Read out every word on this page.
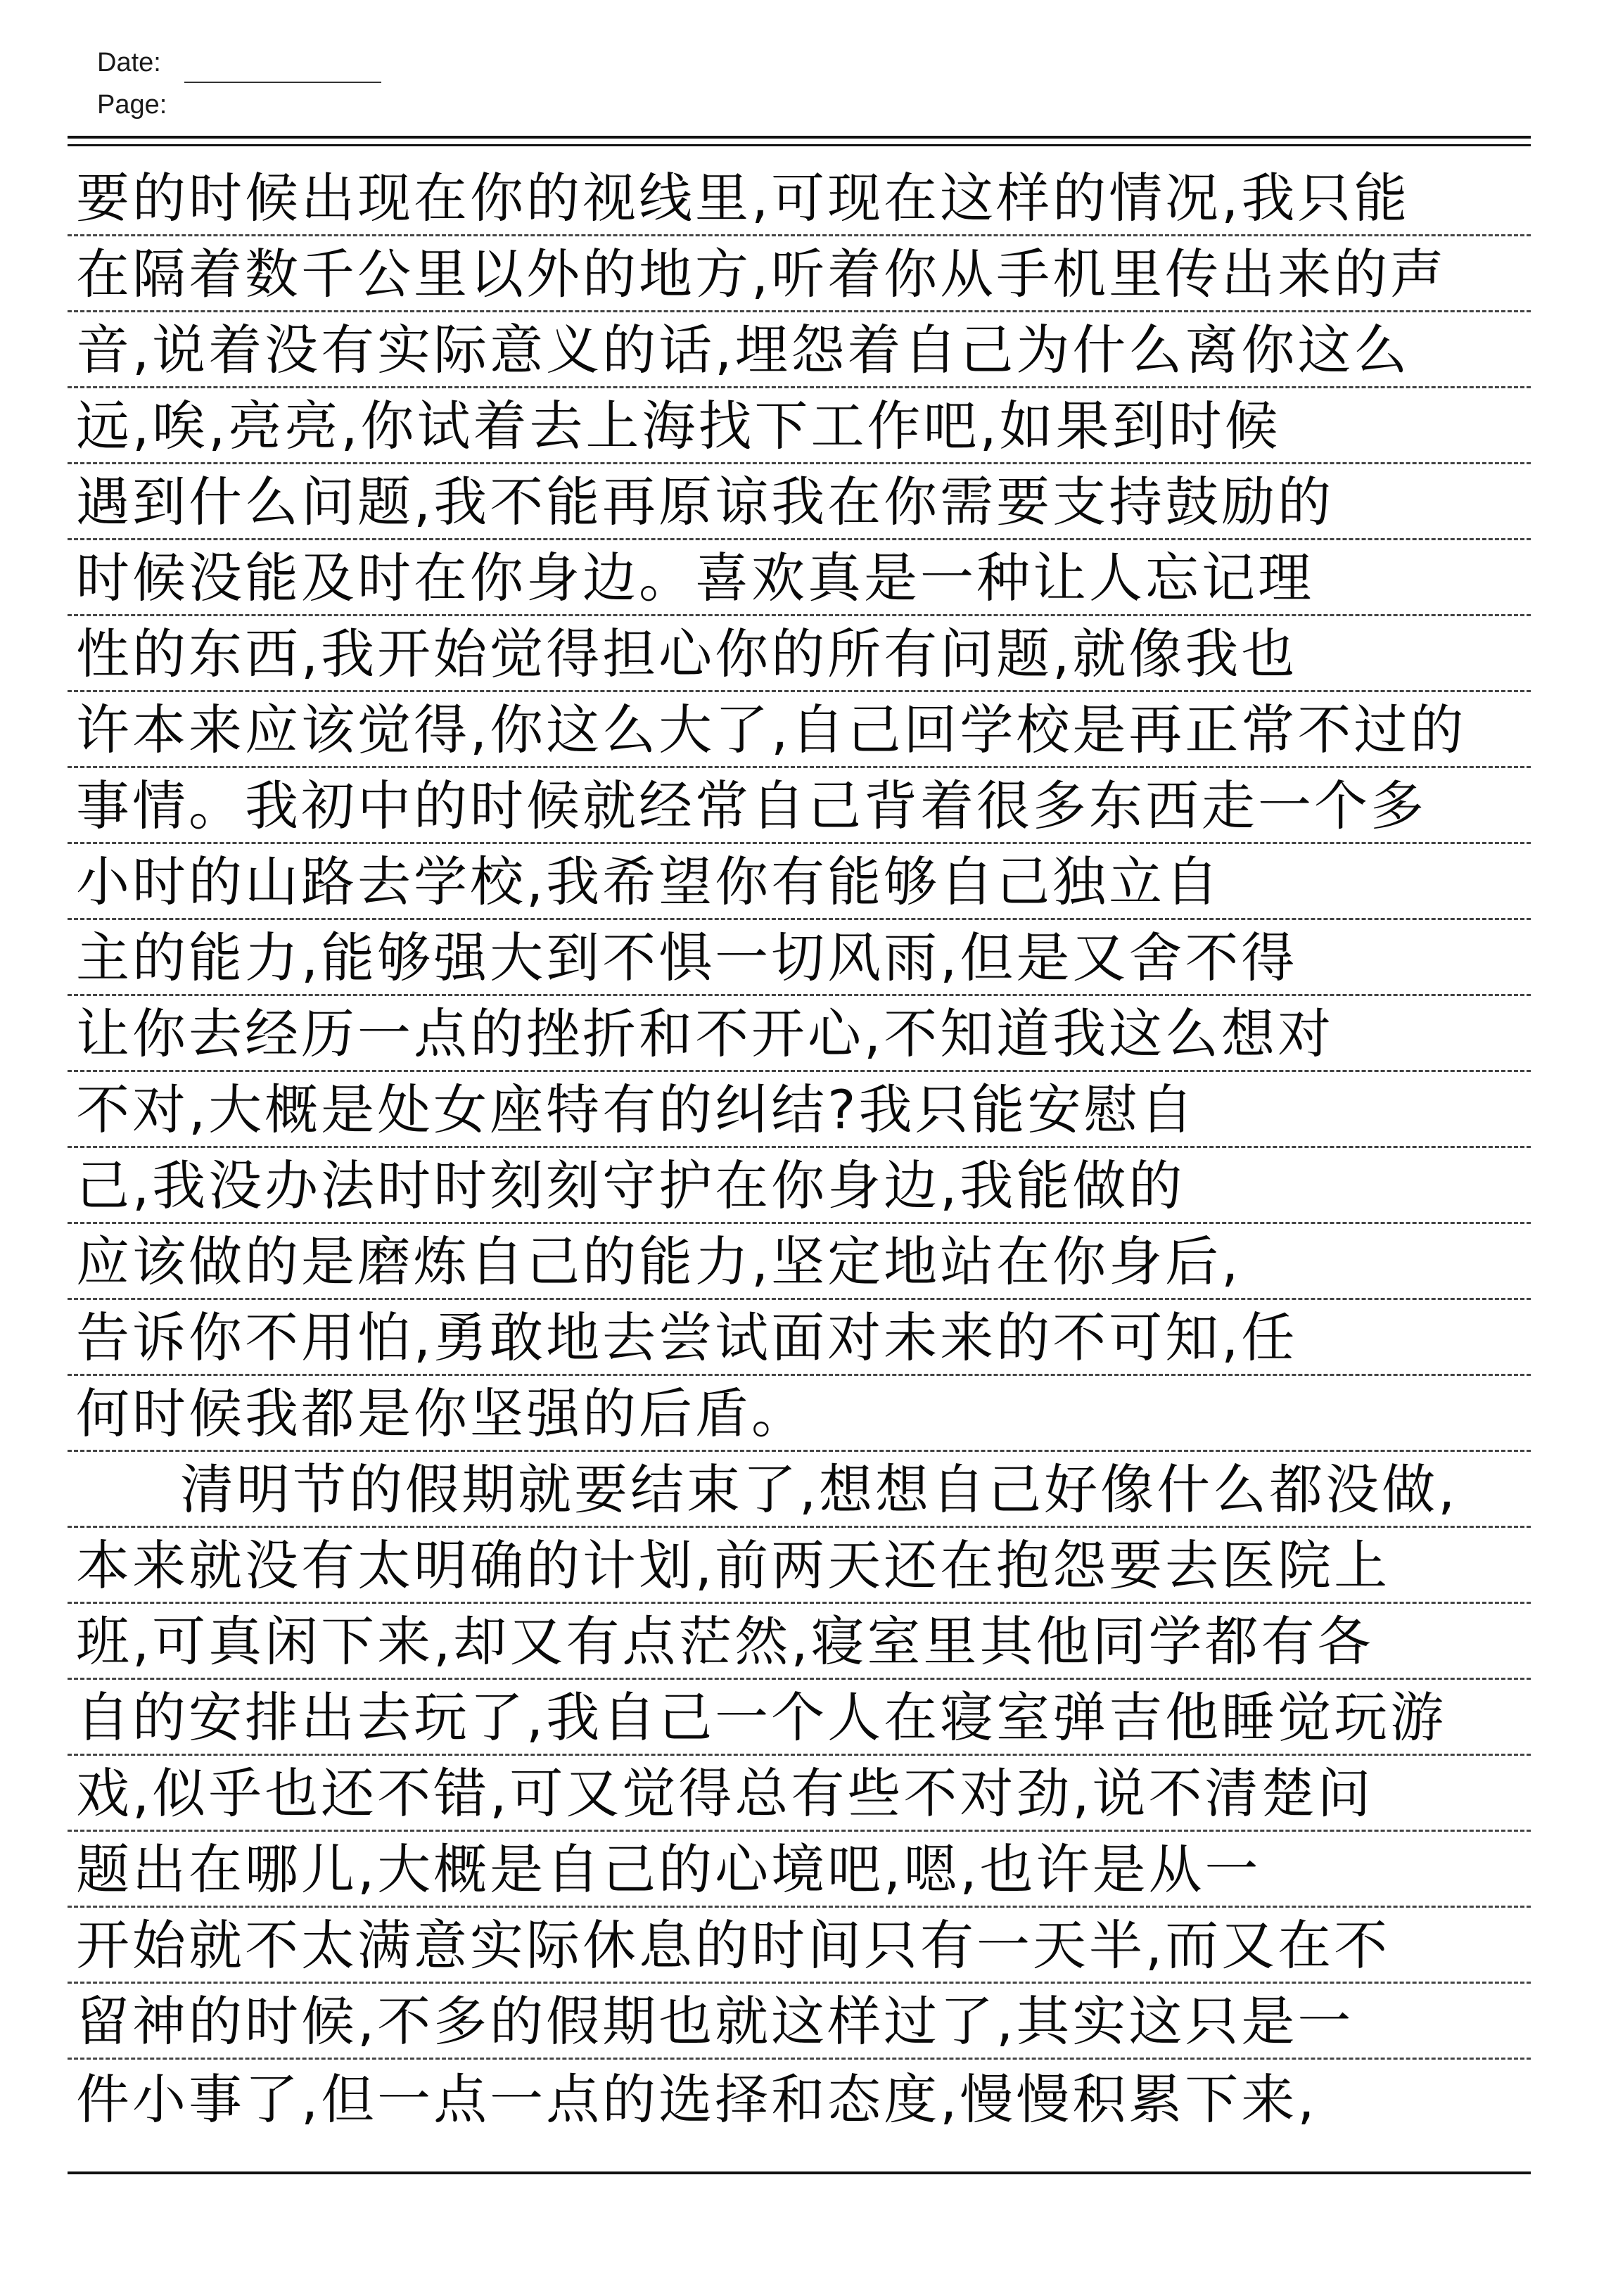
Date:
Page:
要的时候出现在你的视线里,可现在这样的情况,我只能
在隔着数千公里以外的地方,听着你从手机里传出来的声
音,说着没有实际意义的话,埋怨着自己为什么离你这么
远,唉,亮亮,你试着去上海找下工作吧,如果到时候
遇到什么问题,我不能再原谅我在你需要支持鼓励的
时候没能及时在你身边。喜欢真是一种让人忘记理
性的东西,我开始觉得担心你的所有问题,就像我也
许本来应该觉得,你这么大了,自己回学校是再正常不过的
事情。我初中的时候就经常自己背着很多东西走一个多
小时的山路去学校,我希望你有能够自己独立自
主的能力,能够强大到不惧一切风雨,但是又舍不得
让你去经历一点的挫折和不开心,不知道我这么想对
不对,大概是处女座特有的纠结?我只能安慰自
己,我没办法时时刻刻守护在你身边,我能做的
应该做的是磨炼自己的能力,坚定地站在你身后,
告诉你不用怕,勇敢地去尝试面对未来的不可知,任
何时候我都是你坚强的后盾。
清明节的假期就要结束了,想想自己好像什么都没做,
本来就没有太明确的计划,前两天还在抱怨要去医院上
班,可真闲下来,却又有点茫然,寝室里其他同学都有各
自的安排出去玩了,我自己一个人在寝室弹吉他睡觉玩游
戏,似乎也还不错,可又觉得总有些不对劲,说不清楚问
题出在哪儿,大概是自己的心境吧,嗯,也许是从一
开始就不太满意实际休息的时间只有一天半,而又在不
留神的时候,不多的假期也就这样过了,其实这只是一
件小事了,但一点一点的选择和态度,慢慢积累下来,
